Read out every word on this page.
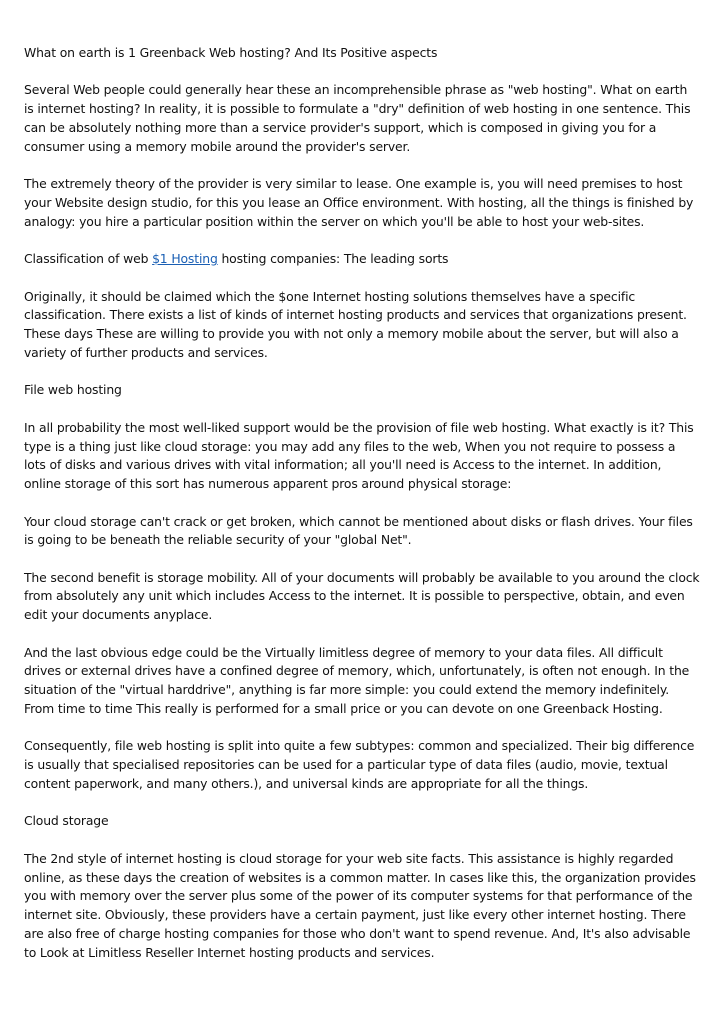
What on earth is 1 Greenback Web hosting? And Its Positive aspects

Several Web people could generally hear these an incomprehensible phrase as "web hosting". What on earth is internet hosting? In reality, it is possible to formulate a "dry" definition of web hosting in one sentence. This can be absolutely nothing more than a service provider's support, which is composed in giving you for a consumer using a memory mobile around the provider's server.

The extremely theory of the provider is very similar to lease. One example is, you will need premises to host your Website design studio, for this you lease an Office environment. With hosting, all the things is finished by analogy: you hire a particular position within the server on which you'll be able to host your web-sites.

Classification of web $1 Hosting hosting companies: The leading sorts

Originally, it should be claimed which the $one Internet hosting solutions themselves have a specific classification. There exists a list of kinds of internet hosting products and services that organizations present. These days These are willing to provide you with not only a memory mobile about the server, but will also a variety of further products and services.

File web hosting

In all probability the most well-liked support would be the provision of file web hosting. What exactly is it? This type is a thing just like cloud storage: you may add any files to the web, When you not require to possess a lots of disks and various drives with vital information; all you'll need is Access to the internet. In addition, online storage of this sort has numerous apparent pros around physical storage:

Your cloud storage can't crack or get broken, which cannot be mentioned about disks or flash drives. Your files is going to be beneath the reliable security of your "global Net".

The second benefit is storage mobility. All of your documents will probably be available to you around the clock from absolutely any unit which includes Access to the internet. It is possible to perspective, obtain, and even edit your documents anyplace.

And the last obvious edge could be the Virtually limitless degree of memory to your data files. All difficult drives or external drives have a confined degree of memory, which, unfortunately, is often not enough. In the situation of the "virtual harddrive", anything is far more simple: you could extend the memory indefinitely. From time to time This really is performed for a small price or you can devote on one Greenback Hosting.

Consequently, file web hosting is split into quite a few subtypes: common and specialized. Their big difference is usually that specialised repositories can be used for a particular type of data files (audio, movie, textual content paperwork, and many others.), and universal kinds are appropriate for all the things.

Cloud storage

The 2nd style of internet hosting is cloud storage for your web site facts. This assistance is highly regarded online, as these days the creation of websites is a common matter. In cases like this, the organization provides you with memory over the server plus some of the power of its computer systems for that performance of the internet site. Obviously, these providers have a certain payment, just like every other internet hosting. There are also free of charge hosting companies for those who don't want to spend revenue. And, It's also advisable to Look at Limitless Reseller Internet hosting products and services.
